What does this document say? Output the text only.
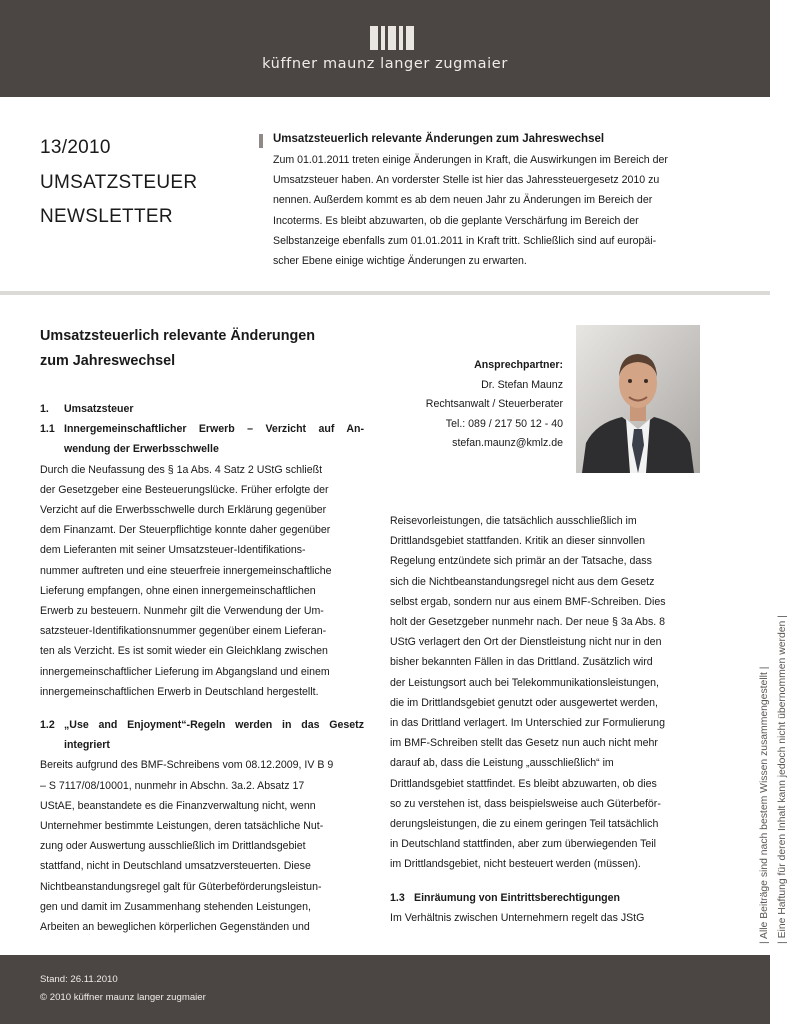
küffner maunz langer zugmaier
13/2010
UMSATZSTEUER
NEWSLETTER
Umsatzsteuerlich relevante Änderungen zum Jahreswechsel
Zum 01.01.2011 treten einige Änderungen in Kraft, die Auswirkungen im Bereich der
Umsatzsteuer haben. An vorderster Stelle ist hier das Jahressteuergesetz 2010 zu
nennen. Außerdem kommt es ab dem neuen Jahr zu Änderungen im Bereich der
Incoterms. Es bleibt abzuwarten, ob die geplante Verschärfung im Bereich der
Selbstanzeige ebenfalls zum 01.01.2011 in Kraft tritt. Schließlich sind auf europäi-
scher Ebene einige wichtige Änderungen zu erwarten.
Umsatzsteuerlich relevante Änderungen
zum Jahreswechsel	Ansprechpartner:
Dr. Stefan Maunz
Rechtsanwalt / Steuerberater
Tel.: 089 / 217 50 12 - 40
stefan.maunz@kmlz.de
1.	Umsatzsteuer
1.1 Innergemeinschaftlicher Erwerb – Verzicht auf An-
wendung der Erwerbsschwelle
Durch die Neufassung des § 1a Abs. 4 Satz 2 UStG schließt
der Gesetzgeber eine Besteuerungslücke. Früher erfolgte der
Verzicht auf die Erwerbsschwelle durch Erklärung gegenüber
dem Finanzamt. Der Steuerpflichtige konnte daher gegenüber
dem Lieferanten mit seiner Umsatzsteuer-Identifikations-
nummer auftreten und eine steuerfreie innergemeinschaftliche
Lieferung empfangen, ohne einen innergemeinschaftlichen
Erwerb zu besteuern. Nunmehr gilt die Verwendung der Um-
satzsteuer-Identifikationsnummer gegenüber einem Lieferan-
ten als Verzicht. Es ist somit wieder ein Gleichklang zwischen
innergemeinschaftlicher Lieferung im Abgangsland und einem
innergemeinschaftlichen Erwerb in Deutschland hergestellt.
1.2 „Use and Enjoyment“-Regeln werden in das Gesetz
integriert
Bereits aufgrund des BMF-Schreibens vom 08.12.2009, IV B 9
– S 7117/08/10001, nunmehr in Abschn. 3a.2. Absatz 17
UStAE, beanstandete es die Finanzverwaltung nicht, wenn
Unternehmer bestimmte Leistungen, deren tatsächliche Nut-
zung oder Auswertung ausschließlich im Drittlandsgebiet
stattfand, nicht in Deutschland umsatzversteuerten. Diese
Nichtbeanstandungsregel galt für Güterbeförderungsleistun-
gen und damit im Zusammenhang stehenden Leistungen,
Arbeiten an beweglichen körperlichen Gegenständen und
Reisevorleistungen, die tatsächlich ausschließlich im
Drittlandsgebiet stattfanden. Kritik an dieser sinnvollen
Regelung entzündete sich primär an der Tatsache, dass
sich die Nichtbeanstandungsregel nicht aus dem Gesetz
selbst ergab, sondern nur aus einem BMF-Schreiben. Dies
holt der Gesetzgeber nunmehr nach. Der neue § 3a Abs. 8
UStG verlagert den Ort der Dienstleistung nicht nur in den
bisher bekannten Fällen in das Drittland. Zusätzlich wird
der Leistungsort auch bei Telekommunikationsleistungen,
die im Drittlandsgebiet genutzt oder ausgewertet werden,
in das Drittland verlagert. Im Unterschied zur Formulierung
im BMF-Schreiben stellt das Gesetz nun auch nicht mehr
darauf ab, dass die Leistung „ausschließlich“ im
Drittlandsgebiet stattfindet. Es bleibt abzuwarten, ob dies
so zu verstehen ist, dass beispielsweise auch Güterbeför-
derungsleistungen, die zu einem geringen Teil tatsächlich
in Deutschland stattfinden, aber zum überwiegenden Teil
im Drittlandsgebiet, nicht besteuert werden (müssen).
1.3 Einräumung von Eintrittsberechtigungen
Im Verhältnis zwischen Unternehmern regelt das JStG	| Alle Beiträge sind nach bestem Wissen zusammengestellt | | Eine Haftung für deren Inhalt kann jedoch nicht übernommen werden |
Stand: 26.11.2010
© 2010 küffner maunz langer zugmaier
